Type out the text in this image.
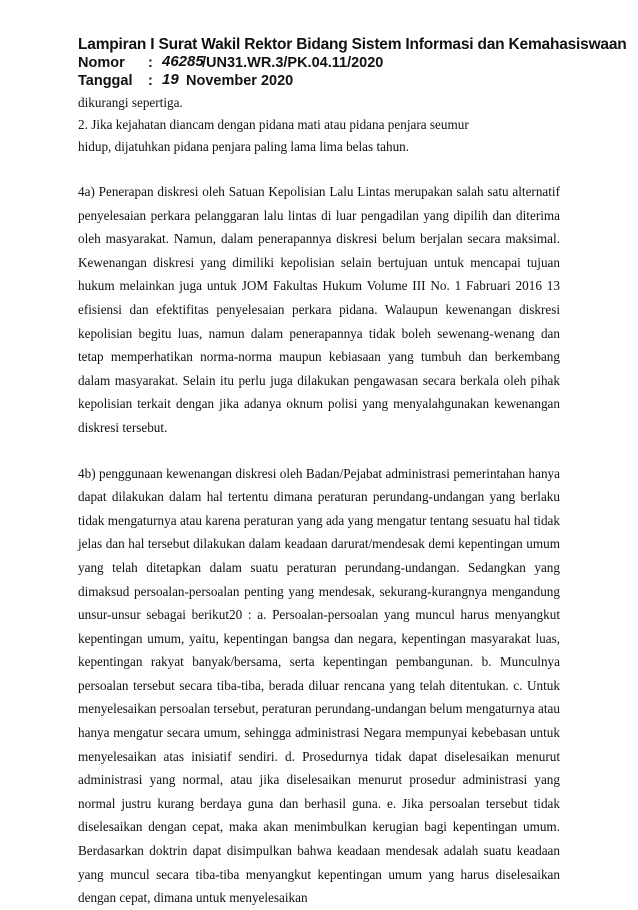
Lampiran I Surat Wakil Rektor Bidang Sistem Informasi dan Kemahasiswaan
Nomor : 46285
/UN31.WR.3/PK.04.11/2020
Tanggal : 19 November 2020

dikurangi sepertiga.

2. Jika kejahatan diancam dengan pidana mati atau pidana penjara seumur

hidup, dijatuhkan pidana penjara paling lama lima belas tahun.

4a) Penerapan diskresi oleh Satuan Kepolisian Lalu Lintas merupakan salah satu alternatif penyelesaian perkara pelanggaran lalu lintas di luar pengadilan yang dipilih dan diterima oleh masyarakat. Namun, dalam penerapannya diskresi belum berjalan secara maksimal. Kewenangan diskresi yang dimiliki kepolisian selain bertujuan untuk mencapai tujuan hukum melainkan juga untuk JOM Fakultas Hukum Volume III No. 1 Fabruari 2016 13 efisiensi dan efektifitas penyelesaian perkara pidana. Walaupun kewenangan diskresi kepolisian begitu luas, namun dalam penerapannya tidak boleh sewenang-wenang dan tetap memperhatikan norma-norma maupun kebiasaan yang tumbuh dan berkembang dalam masyarakat. Selain itu perlu juga dilakukan pengawasan secara berkala oleh pihak kepolisian terkait dengan jika adanya oknum polisi yang menyalahgunakan kewenangan diskresi tersebut.

4b) penggunaan kewenangan diskresi oleh Badan/Pejabat administrasi pemerintahan hanya dapat dilakukan dalam hal tertentu dimana peraturan perundang-undangan yang berlaku tidak mengaturnya atau karena peraturan yang ada yang mengatur tentang sesuatu hal tidak jelas dan hal tersebut dilakukan dalam keadaan darurat/mendesak demi kepentingan umum yang telah ditetapkan dalam suatu peraturan perundang-undangan. Sedangkan yang dimaksud persoalan-persoalan penting yang mendesak, sekurang-kurangnya mengandung unsur-unsur sebagai berikut20 : a. Persoalan-persoalan yang muncul harus menyangkut kepentingan umum, yaitu, kepentingan bangsa dan negara, kepentingan masyarakat luas, kepentingan rakyat banyak/bersama, serta kepentingan pembangunan. b. Munculnya persoalan tersebut secara tiba-tiba, berada diluar rencana yang telah ditentukan. c. Untuk menyelesaikan persoalan tersebut, peraturan perundang-undangan belum mengaturnya atau hanya mengatur secara umum, sehingga administrasi Negara mempunyai kebebasan untuk menyelesaikan atas inisiatif sendiri. d. Prosedurnya tidak dapat diselesaikan menurut administrasi yang normal, atau jika diselesaikan menurut prosedur administrasi yang normal justru kurang berdaya guna dan berhasil guna. e. Jika persoalan tersebut tidak diselesaikan dengan cepat, maka akan menimbulkan kerugian bagi kepentingan umum. Berdasarkan doktrin dapat disimpulkan bahwa keadaan mendesak adalah suatu keadaan yang muncul secara tiba-tiba menyangkut kepentingan umum yang harus diselesaikan dengan cepat, dimana untuk menyelesaikan
